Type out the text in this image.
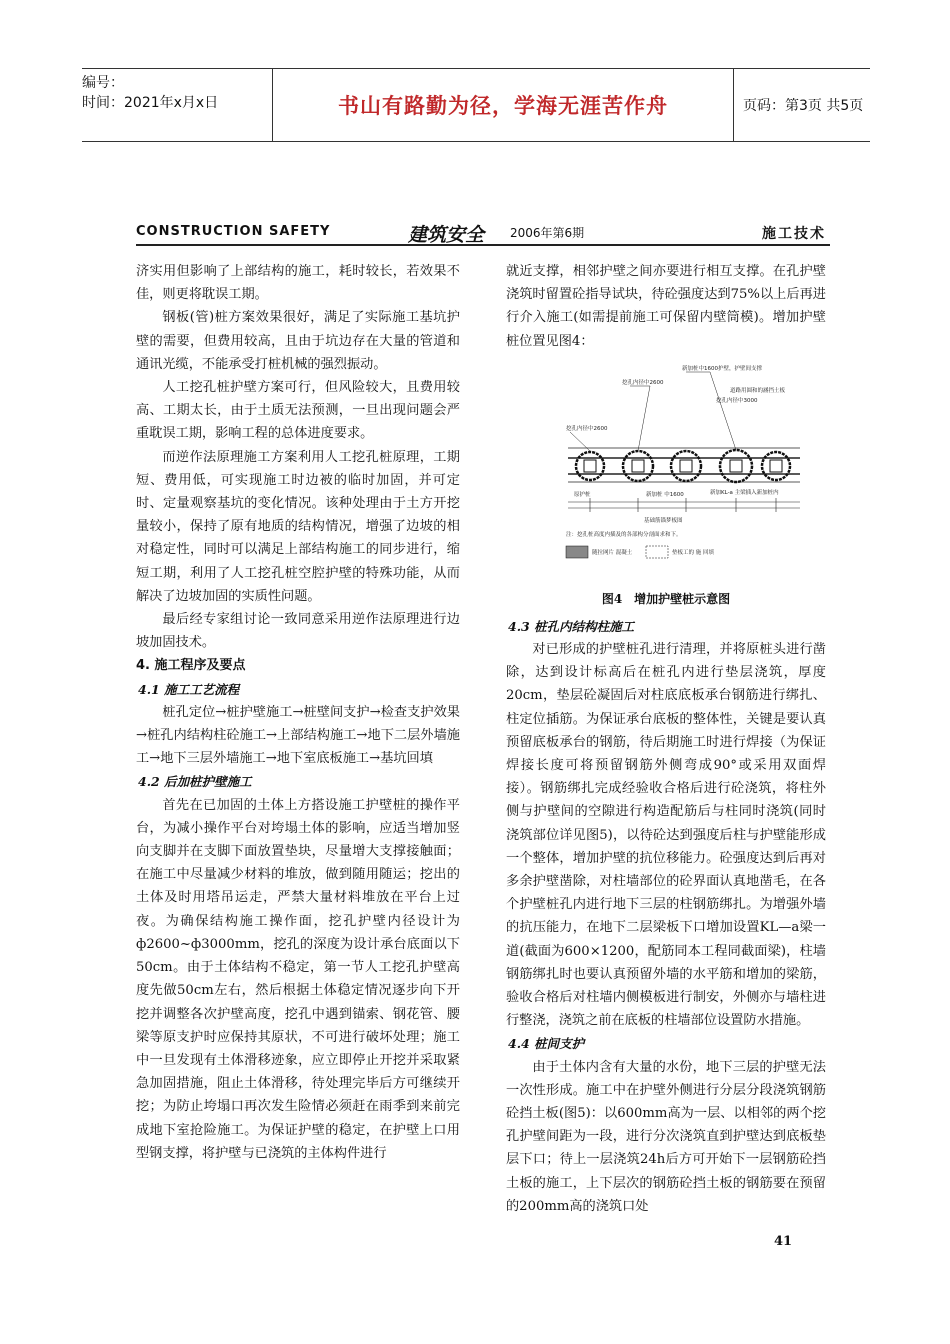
编号：
时间：2021年x月x日	书山有路勤为径，学海无涯苦作舟	页码：第3页 共5页
CONSTRUCTION SAFETY	建筑安全 2006年第6期	施工技术

济实用但影响了上部结构的施工，耗时较长，若效果不佳，则更将耽误工期。

钢板(管)桩方案效果很好，满足了实际施工基坑护壁的需要，但费用较高，且由于坑边存在大量的管道和通讯光缆，不能承受打桩机械的强烈振动。

人工挖孔桩护壁方案可行，但风险较大，且费用较高、工期太长，由于土质无法预测，一旦出现问题会严重耽误工期，影响工程的总体进度要求。

而逆作法原理施工方案利用人工挖孔桩原理，工期短、费用低，可实现施工时边被的临时加固，并可定时、定量观察基坑的变化情况。该种处理由于土方开挖量较小，保持了原有地质的结构情况，增强了边坡的相对稳定性，同时可以满足上部结构施工的同步进行，缩短工期，利用了人工挖孔桩空腔护壁的特殊功能，从而解决了边坡加固的实质性问题。

最后经专家组讨论一致同意采用逆作法原理进行边坡加固技术。

4. 施工程序及要点

4.1 施工工艺流程

桩孔定位→桩护壁施工→桩壁间支护→检查支护效果→桩孔内结构柱砼施工→上部结构施工→地下二层外墙施工→地下三层外墙施工→地下室底板施工→基坑回填

4.2 后加桩护壁施工

首先在已加固的土体上方搭设施工护壁桩的操作平台，为减小操作平台对垮塌土体的影响，应适当增加竖向支脚并在支脚下面放置垫块，尽量增大支撑接触面；在施工中尽量减少材料的堆放，做到随用随运；挖出的土体及时用塔吊运走，严禁大量材料堆放在平台上过夜。为确保结构施工操作面，挖孔护壁内径设计为ф2600~ф3000mm，挖孔的深度为设计承台底面以下50cm。由于土体结构不稳定，第一节人工挖孔护壁高度先做50cm左右，然后根据土体稳定情况逐步向下开挖并调整各次护壁高度，挖孔中遇到锚索、钢花管、腰梁等原支护时应保持其原状，不可进行破坏处理；施工中一旦发现有土体滑移迹象，应立即停止开挖并采取紧急加固措施，阻止土体滑移，待处理完毕后方可继续开挖；为防止垮塌口再次发生险情必须赶在雨季到来前完成地下室抢险施工。为保证护壁的稳定，在护壁上口用型钢支撑，将护壁与已浇筑的主体构件进行

就近支撑，相邻护壁之间亦要进行相互支撑。在孔护壁浇筑时留置砼指导试块，待砼强度达到75%以上后再进行介入施工(如需提前施工可保留内壁筒模)。增加护壁桩位置见图4：

4.3 桩孔内结构柱施工

对已形成的护壁桩孔进行清理，并将原桩头进行凿除，达到设计标高后在桩孔内进行垫层浇筑，厚度20cm，垫层砼凝固后对柱底底板承台钢筋进行绑扎、柱定位插筋。为保证承台底板的整体性，关键是要认真预留底板承台的钢筋，待后期施工时进行焊接（为保证焊接长度可将预留钢筋外侧弯成90°或采用双面焊接）。钢筋绑扎完成经验收合格后进行砼浇筑，将柱外侧与护壁间的空隙进行构造配筋后与柱同时浇筑(同时浇筑部位详见图5)，以待砼达到强度后柱与护壁能形成一个整体，增加护壁的抗位移能力。砼强度达到后再对多余护壁凿除，对柱墙部位的砼界面认真地凿毛，在各个护壁桩孔内进行地下三层的柱钢筋绑扎。为增强外墙的抗压能力，在地下二层梁板下口增加设置KL—a梁一道(截面为600×1200，配筋同本工程同截面梁)，柱墙钢筋绑扎时也要认真预留外墙的水平筋和增加的梁筋，验收合格后对柱墙内侧模板进行制安，外侧亦与墙柱进行整浇，浇筑之前在底板的柱墙部位设置防水措施。

4.4 桩间支护

由于土体内含有大量的水份，地下三层的护壁无法一次性形成。施工中在护壁外侧进行分层分段浇筑钢筋砼挡土板(图5)：以600mm高为一层、以相邻的两个挖孔护壁间距为一段，进行分次浇筑直到护壁达到底板垫层下口；待上一层浇筑24h后方可开始下一层钢筋砼挡土板的施工，上下层次的钢筋砼挡土板的钢筋要在预留的200mm高的浇筑口处

新加桩中1600护壁，护壁间支撑
挖孔内径中2600
挖孔内径中3000
道路用圆和的涵挡土板
挖孔内径中2600
原护桩	新加桩 中1600	新加KL-a 主梁插入新加桩内
基础筋锚梦板图
注：挖孔桩高度内插及的各部构分剖面求和下。
随拉网片 混凝土	垫板工的 施 回填
图4　增加护壁桩示意图
41
